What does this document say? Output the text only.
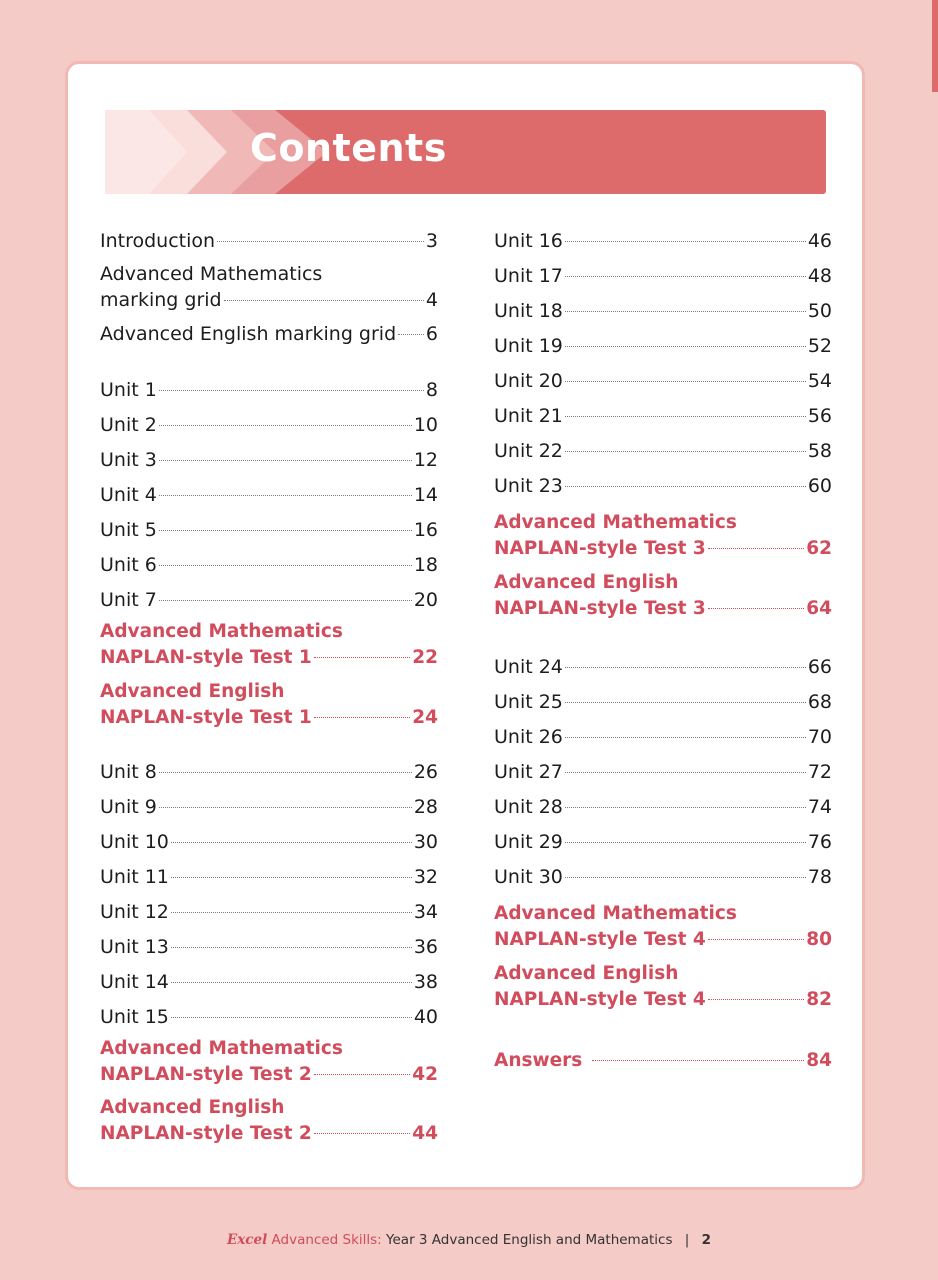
Contents
Introduction	3
Advanced Mathematics
marking grid	4
Advanced English marking grid 6
Unit 1	8
Unit 2	10
Unit 3	12
Unit 4	14
Unit 5	16
Unit 6	18
Unit 7	20
Advanced Mathematics
NAPLAN-style Test 1	22
Advanced English
NAPLAN-style Test 1	24
Unit 8	26
Unit 9	28
Unit 10	30
Unit 11	32
Unit 12	34
Unit 13	36
Unit 14	38
Unit 15	40
Advanced Mathematics
NAPLAN-style Test 2	42
Advanced English
NAPLAN-style Test 2	44
Unit 16	46
Unit 17	48
Unit 18	50
Unit 19	52
Unit 20	54
Unit 21	56
Unit 22	58
Unit 23	60
Advanced Mathematics
NAPLAN-style Test 3	62
Advanced English
NAPLAN-style Test 3	64
Unit 24	66
Unit 25	68
Unit 26	70
Unit 27	72
Unit 28	74
Unit 29	76
Unit 30	78
Advanced Mathematics
NAPLAN-style Test 4	80
Advanced English
NAPLAN-style Test 4	82
Answers	84
Excel Advanced Skills: Year 3 Advanced English and Mathematics | 2
